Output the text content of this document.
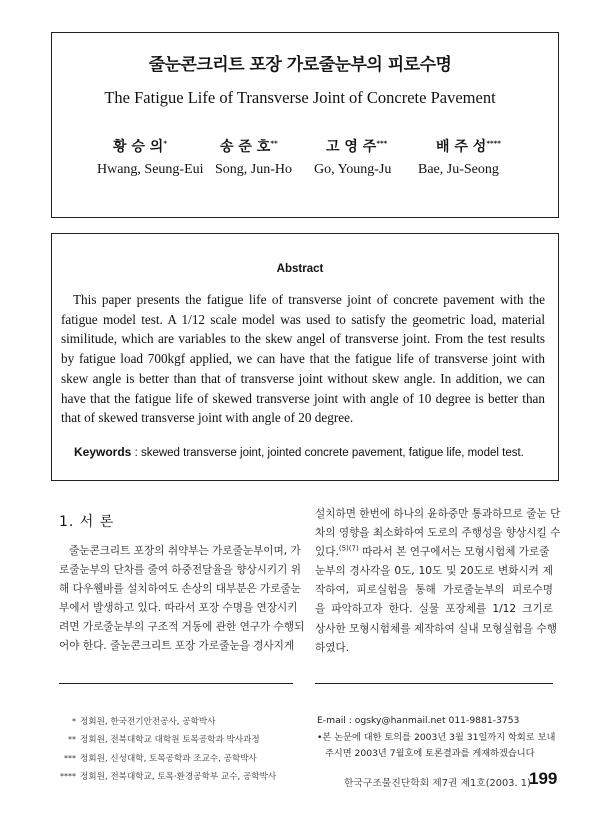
줄눈콘크리트 포장 가로줄눈부의 피로수명
The Fatigue Life of Transverse Joint of Concrete Pavement
황 승 의*	송 준 호**	고 영 주***	배 주 성****
Hwang, Seung-Eui Song, Jun-Ho Go, Young-Ju Bae, Ju-Seong
Abstract
This paper presents the fatigue life of transverse joint of concrete pavement with the
fatigue model test. A 1/12 scale model was used to satisfy the geometric load, material
similitude, which are variables to the skew angel of transverse joint. From the test results
by fatigue load 700kgf applied, we can have that the fatigue life of transverse joint with
skew angle is better than that of transverse joint without skew angle. In addition, we can
have that the fatigue life of skewed transverse joint with angle of 10 degree is better than
that of skewed transverse joint with angle of 20 degree.
Keywords : skewed transverse joint, jointed concrete pavement, fatigue life, model test.
1. 서 론
줄눈콘크리트 포장의 취약부는 가로줄눈부이며, 가
로줄눈부의 단차를 줄여 하중전달율을 향상시키기 위
해 다우웰바를 설치하여도 손상의 대부분은 가로줄눈
부에서 발생하고 있다. 따라서 포장 수명을 연장시키
려면 가로줄눈부의 구조적 거동에 관한 연구가 수행되
어야 한다. 줄눈콘크리트 포장 가로줄눈을 경사지게
설치하면 한번에 하나의 윤하중만 통과하므로 줄눈 단
차의 영향을 최소화하여 도로의 주행성을 향상시킬 수
있다.$^{(5)(7)}$ 따라서 본 연구에서는 모형시험체 가로줄
눈부의 경사각을 0도, 10도 및 20도로 변화시켜 제
작하여, 피로실험을 통해 가로줄눈부의 피로수명
을 파악하고자 한다. 실물 포장체를 1/12 크기로
상사한 모형시험체를 제작하여 실내 모형실험을 수행
하였다.
* 정회원, 한국전기안전공사, 공학박사
** 정회원, 전북대학교 대학원 토목공학과 박사과정
*** 정회원, 신성대학, 토목공학과 조교수, 공학박사
**** 정회원, 전북대학교, 토목·환경공학부 교수, 공학박사
E-mail : ogsky@hanmail.net 011-9881-3753
•본 논문에 대한 토의를 2003년 3월 31일까지 학회로 보내
주시면 2003년 7월호에 토론결과를 게재하겠습니다
한국구조물진단학회 제7권 제1호(2003. 1)
199
